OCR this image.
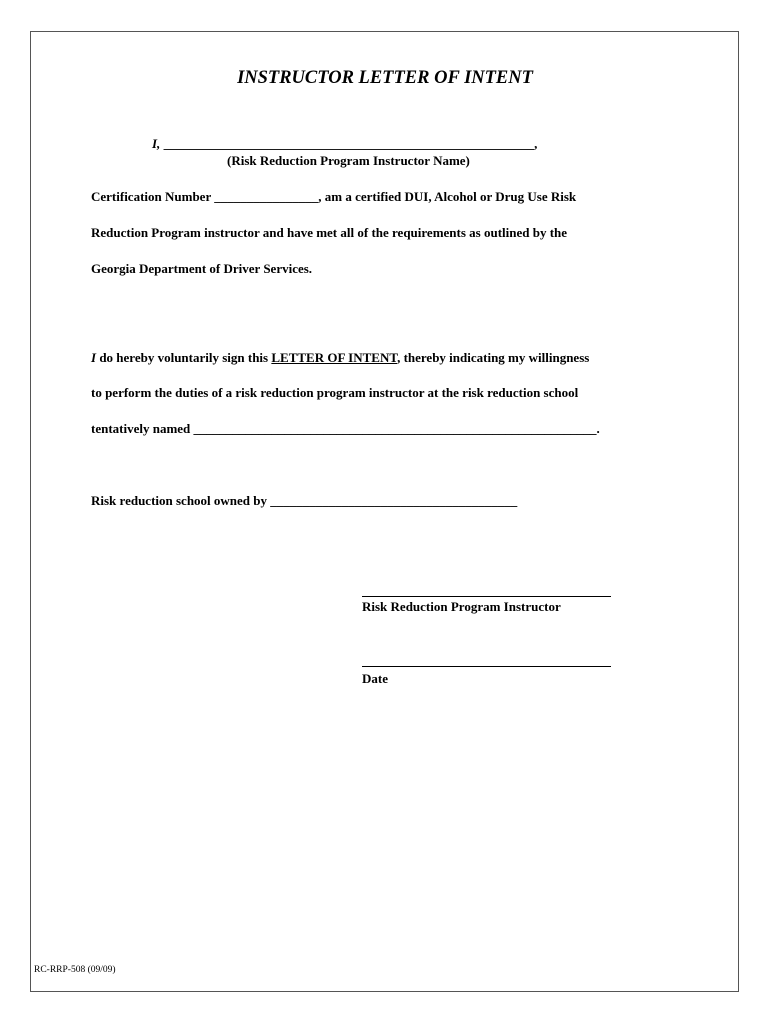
INSTRUCTOR LETTER OF INTENT
I, _________________________________________________________,
(Risk Reduction Program Instructor Name)
Certification Number ________________, am a certified DUI, Alcohol or Drug Use Risk
Reduction Program instructor and have met all of the requirements as outlined by the
Georgia Department of Driver Services.
I do hereby voluntarily sign this LETTER OF INTENT, thereby indicating my willingness
to perform the duties of a risk reduction program instructor at the risk reduction school
tentatively named ______________________________________________________________.
Risk reduction school owned by ______________________________________
Risk Reduction Program Instructor
Date
RC-RRP-508 (09/09)
